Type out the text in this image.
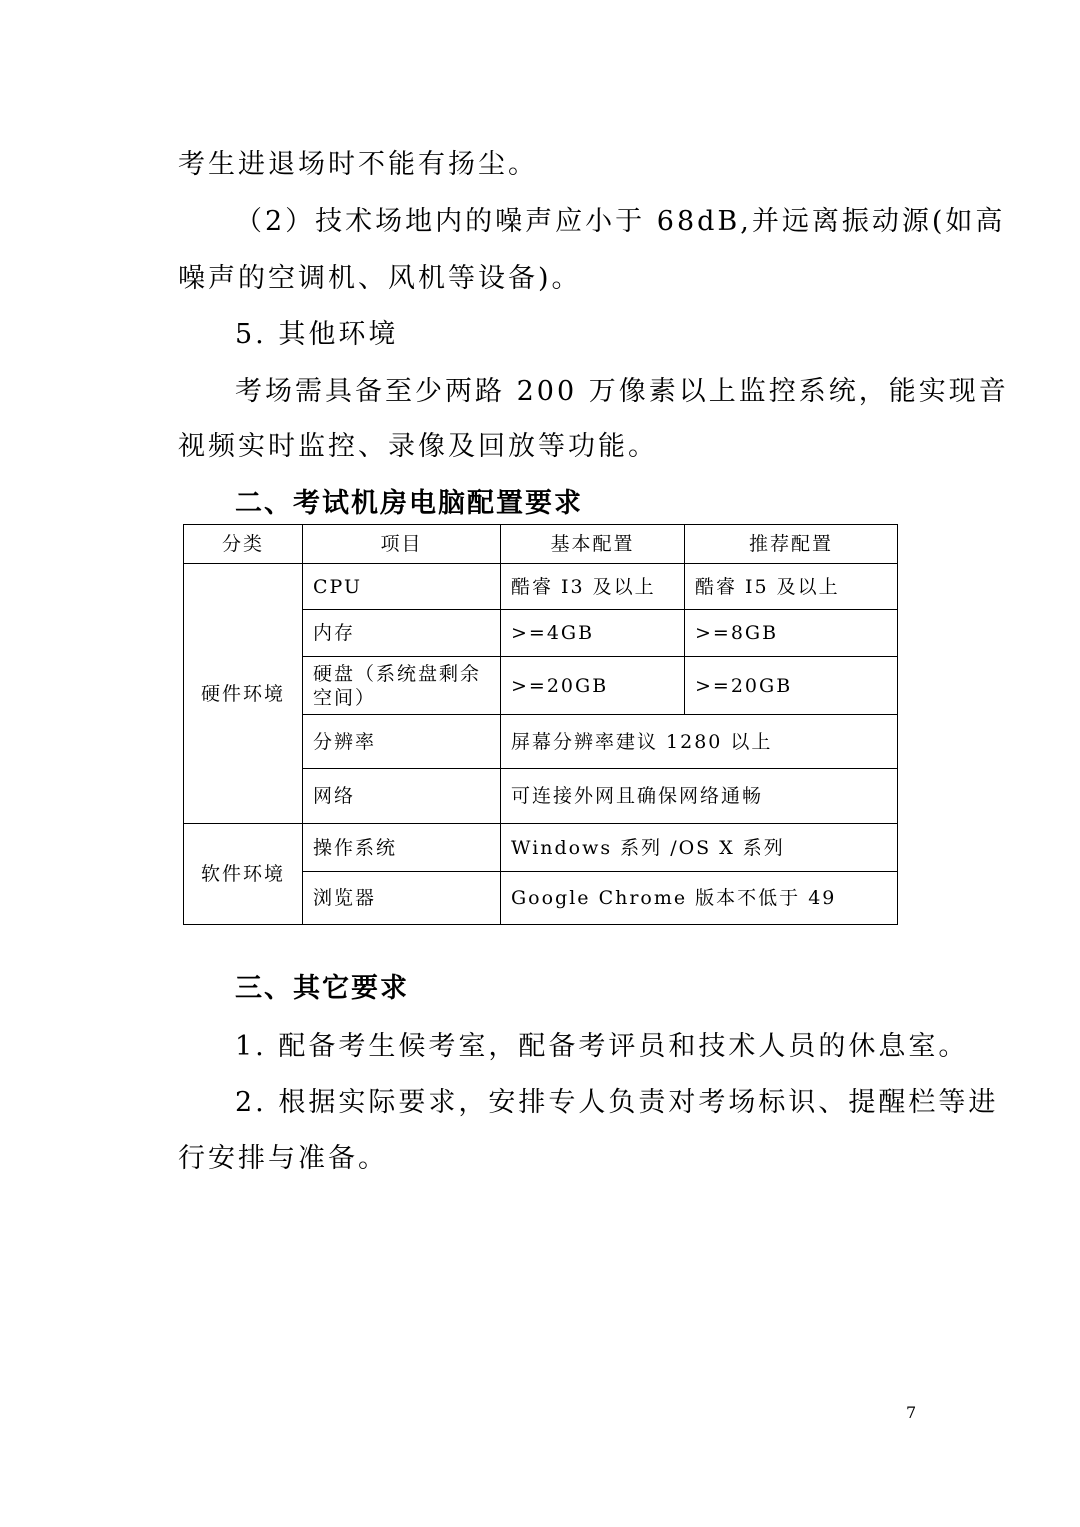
考生进退场时不能有扬尘。
（2）技术场地内的噪声应小于 68dB,并远离振动源(如高
噪声的空调机、风机等设备)。
5. 其他环境
考场需具备至少两路 200 万像素以上监控系统，能实现音
视频实时监控、录像及回放等功能。
二、考试机房电脑配置要求
分类	项目	基本配置	推荐配置
硬件环境	CPU	酷睿 I3 及以上	酷睿 I5 及以上
	内存	>=4GB	>=8GB
	硬盘（系统盘剩余空间）	>=20GB	>=20GB
	分辨率	屏幕分辨率建议 1280 以上	
	网络	可连接外网且确保网络通畅	
软件环境	操作系统	Windows 系列 /OS X 系列	
	浏览器	Google Chrome 版本不低于 49	
三、其它要求
1. 配备考生候考室，配备考评员和技术人员的休息室。
2. 根据实际要求，安排专人负责对考场标识、提醒栏等进
行安排与准备。
7
